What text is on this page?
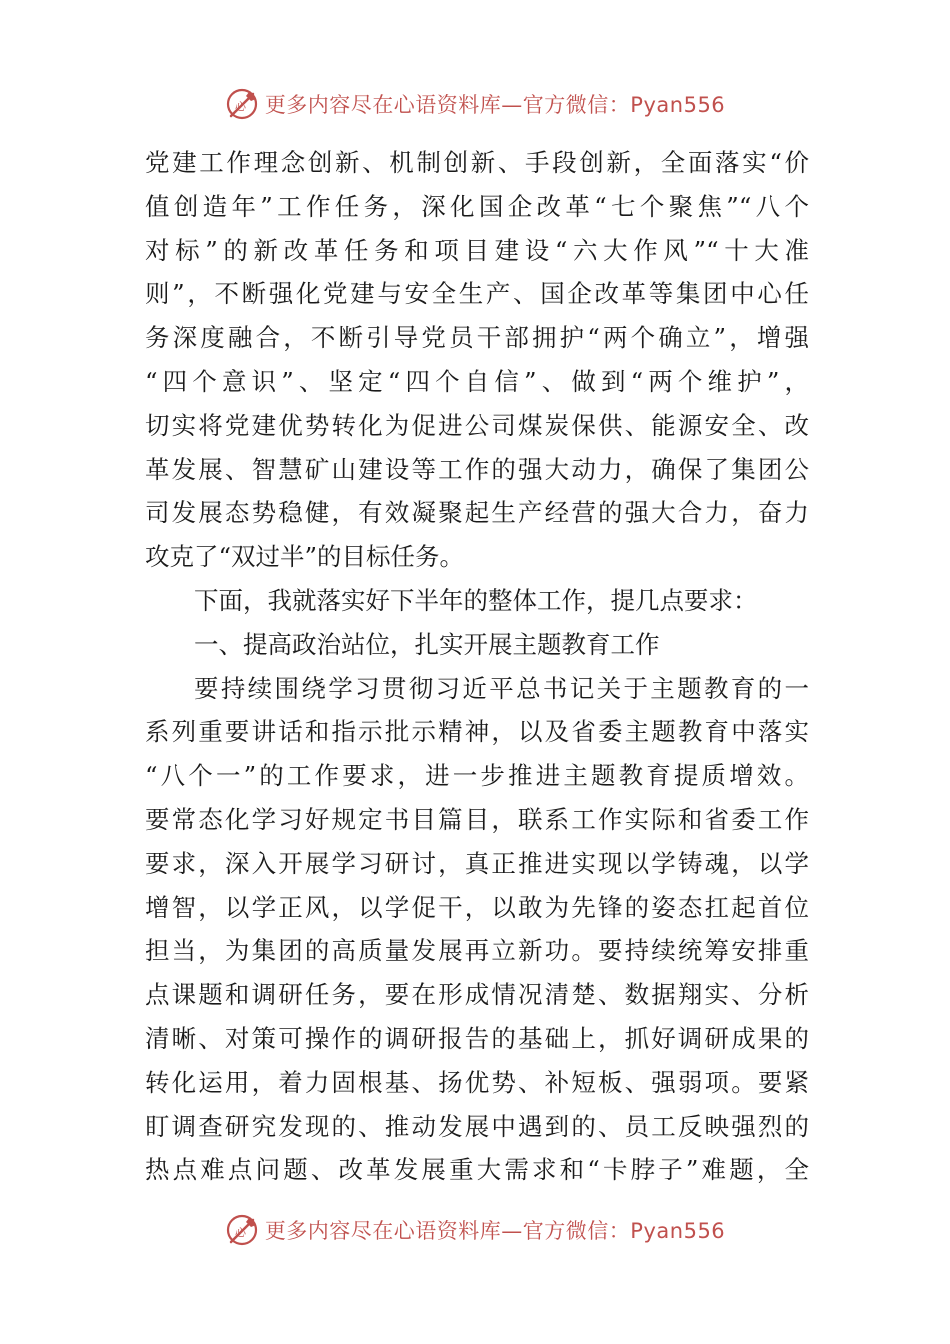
心 更多内容尽在心语资料库—官方微信：Pyan556
党建工作理念创新、机制创新、手段创新，全面落实“价
值创造年”工作任务，深化国企改革“七个聚焦”“八个
对标”的新改革任务和项目建设“六大作风”“十大准
则”，不断强化党建与安全生产、国企改革等集团中心任
务深度融合，不断引导党员干部拥护“两个确立”，增强
“四个意识”、坚定“四个自信”、做到“两个维护”，
切实将党建优势转化为促进公司煤炭保供、能源安全、改
革发展、智慧矿山建设等工作的强大动力，确保了集团公
司发展态势稳健，有效凝聚起生产经营的强大合力，奋力
攻克了“双过半”的目标任务。
下面，我就落实好下半年的整体工作，提几点要求：
一、提高政治站位，扎实开展主题教育工作
要持续围绕学习贯彻习近平总书记关于主题教育的一
系列重要讲话和指示批示精神，以及省委主题教育中落实
“八个一”的工作要求，进一步推进主题教育提质增效。
要常态化学习好规定书目篇目，联系工作实际和省委工作
要求，深入开展学习研讨，真正推进实现以学铸魂，以学
增智，以学正风，以学促干，以敢为先锋的姿态扛起首位
担当，为集团的高质量发展再立新功。要持续统筹安排重
点课题和调研任务，要在形成情况清楚、数据翔实、分析
清晰、对策可操作的调研报告的基础上，抓好调研成果的
转化运用，着力固根基、扬优势、补短板、强弱项。要紧
盯调查研究发现的、推动发展中遇到的、员工反映强烈的
热点难点问题、改革发展重大需求和“卡脖子”难题，全
心 更多内容尽在心语资料库—官方微信：Pyan556
